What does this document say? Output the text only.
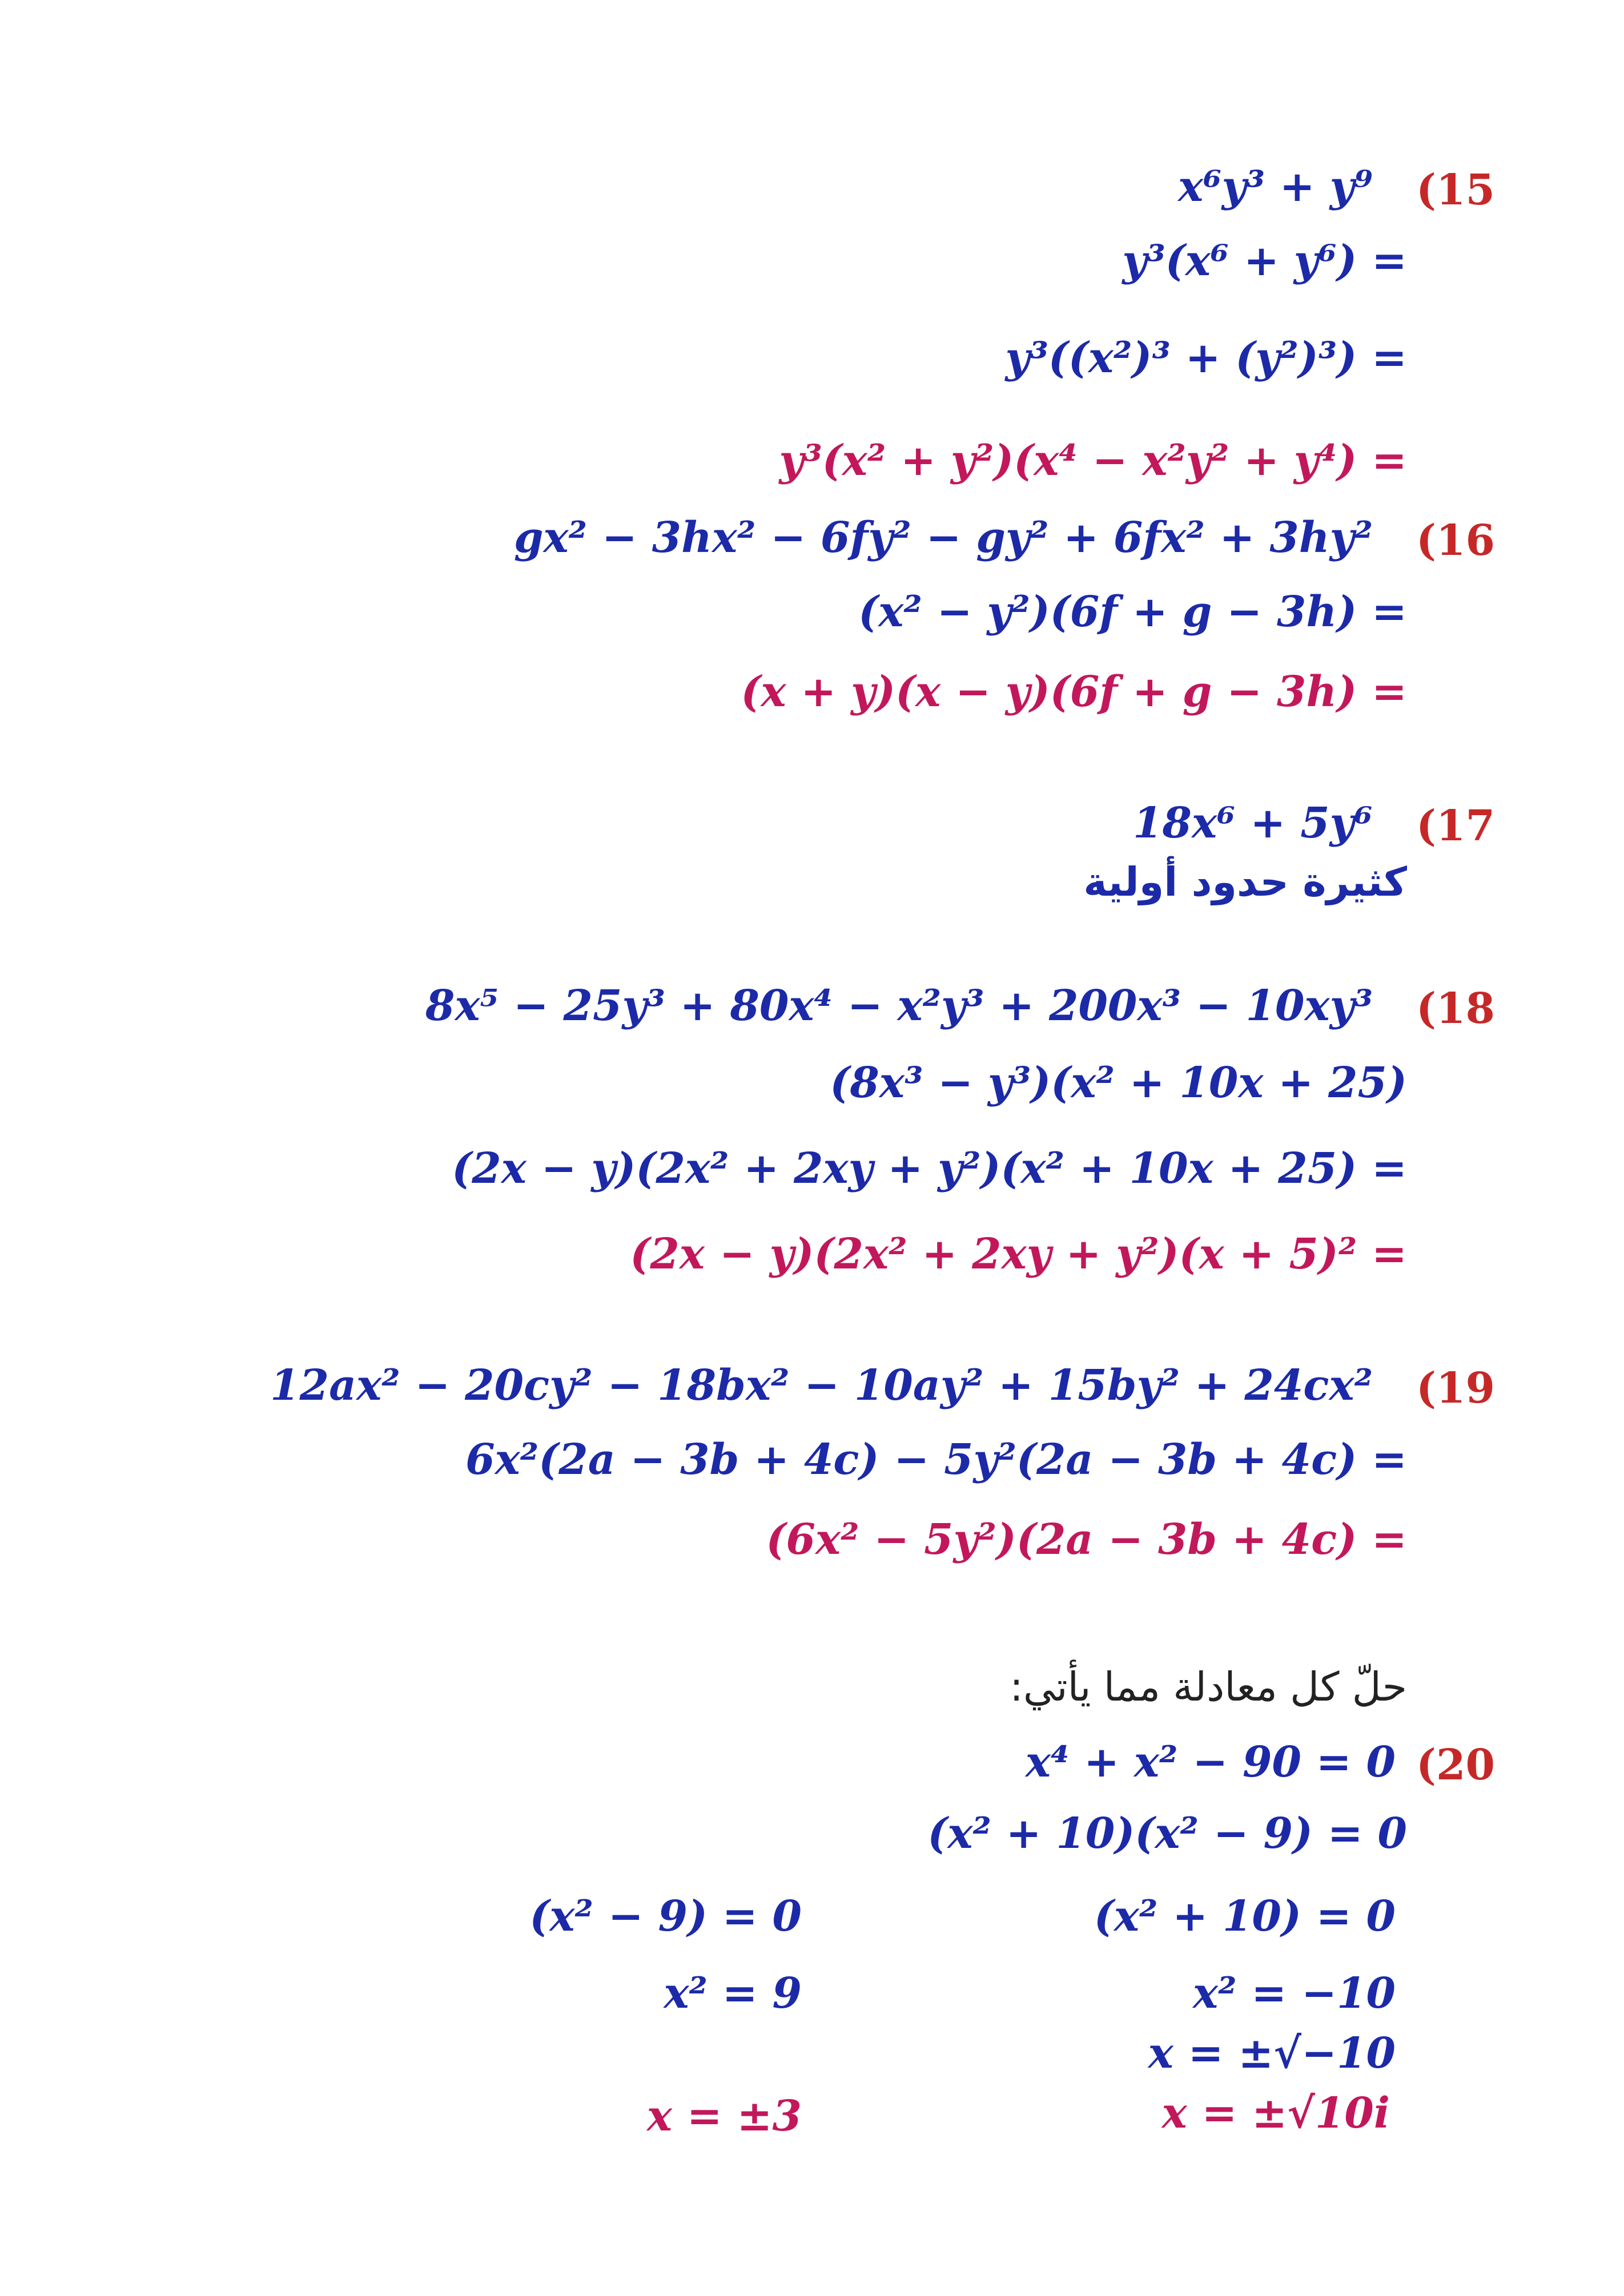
(15
x⁶y³ + y⁹
y³(x⁶ + y⁶) =
y³((x²)³ + (y²)³) =
y³(x² + y²)(x⁴ − x²y² + y⁴) =
(16
gx² − 3hx² − 6fy² − gy² + 6fx² + 3hy²
(x² − y²)(6f + g − 3h) =
(x + y)(x − y)(6f + g − 3h) =
(17
18x⁶ + 5y⁶
كثيرة حدود أولية
(18
8x⁵ − 25y³ + 80x⁴ − x²y³ + 200x³ − 10xy³
(8x³ − y³)(x² + 10x + 25)
(2x − y)(2x² + 2xy + y²)(x² + 10x + 25) =
(2x − y)(2x² + 2xy + y²)(x + 5)² =
(19
12ax² − 20cy² − 18bx² − 10ay² + 15by² + 24cx²
6x²(2a − 3b + 4c) − 5y²(2a − 3b + 4c) =
(6x² − 5y²)(2a − 3b + 4c) =
حلّ كل معادلة مما يأتي:
(20
x⁴ + x² − 90 = 0
(x² + 10)(x² − 9) = 0
(x² + 10) = 0
x² = −10
x = ±√−10
x = ±√10i
(x² − 9) = 0
x² = 9
x = ±3
